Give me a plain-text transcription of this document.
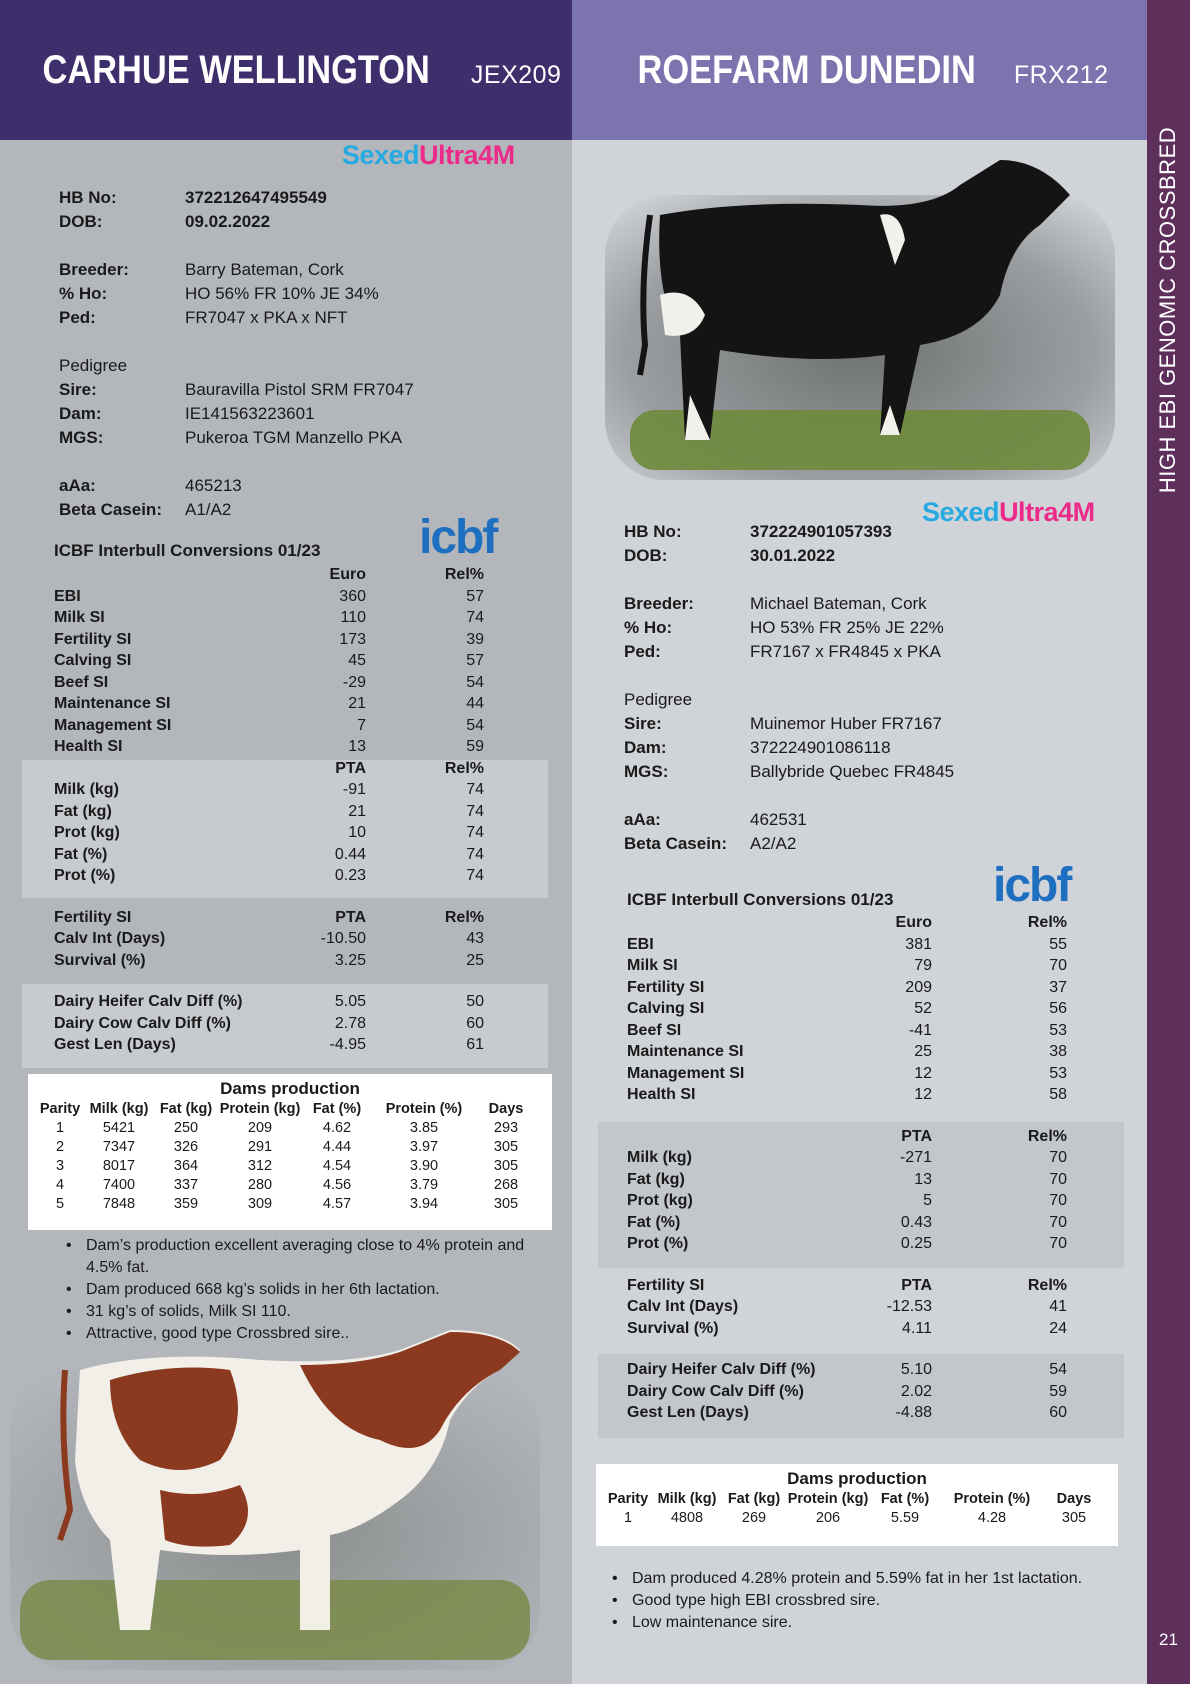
HIGH EBI GENOMIC CROSSBRED
21
CARHUE WELLINGTON JEX209 ROEFARM DUNEDIN FRX212
SexedUltra4M
HB No:	372212647495549
DOB:	09.02.2022
Breeder:	Barry Bateman, Cork
% Ho:	HO 56% FR 10% JE 34%
Ped:	FR7047 x PKA x NFT
Pedigree
Sire:	Bauravilla Pistol SRM FR7047
Dam:	IE141563223601
MGS:	Pukeroa TGM Manzello PKA
aAa:	465213
Beta Casein:	A1/A2
icbf
ICBF Interbull Conversions 01/23
Euro	Rel%
EBI	360	57
Milk SI	110	74
Fertility SI	173	39
Calving SI	45	57
Beef SI	-29	54
Maintenance SI	21	44
Management SI	7	54
Health SI	13	59
PTA	Rel%
Milk (kg)	-91	74
Fat (kg)	21	74
Prot (kg)	10	74
Fat (%)	0.44	74
Prot (%)	0.23	74
Fertility SI	PTA	Rel%
Calv Int (Days)	-10.50	43
Survival (%)	3.25	25
Dairy Heifer Calv Diff (%)	5.05	50
Dairy Cow Calv Diff (%)	2.78	60
Gest Len (Days)	-4.95	61
Dams production
Parity	Milk (kg)	Fat (kg)	Protein (kg)	Fat (%)	Protein (%)	Days
1	5421	250	209	4.62	3.85	293
2	7347	326	291	4.44	3.97	305
3	8017	364	312	4.54	3.90	305
4	7400	337	280	4.56	3.79	268
5	7848	359	309	4.57	3.94	305
• Dam’s production excellent averaging close to 4% protein and
4.5% fat.
• Dam produced 668 kg’s solids in her 6th lactation.
• 31 kg’s of solids, Milk SI 110.
• Attractive, good type Crossbred sire..
SexedUltra4M
HB No:	372224901057393
DOB:	30.01.2022
Breeder:	Michael Bateman, Cork
% Ho:	HO 53% FR 25% JE 22%
Ped:	FR7167 x FR4845 x PKA
Pedigree
Sire:	Muinemor Huber FR7167
Dam:	372224901086118
MGS:	Ballybride Quebec FR4845
aAa:	462531
Beta Casein:	A2/A2
icbf
ICBF Interbull Conversions 01/23
Euro	Rel%
EBI	381	55
Milk SI	79	70
Fertility SI	209	37
Calving SI	52	56
Beef SI	-41	53
Maintenance SI	25	38
Management SI	12	53
Health SI	12	58
PTA	Rel%
Milk (kg)	-271	70
Fat (kg)	13	70
Prot (kg)	5	70
Fat (%)	0.43	70
Prot (%)	0.25	70
Fertility SI	PTA	Rel%
Calv Int (Days)	-12.53	41
Survival (%)	4.11	24
Dairy Heifer Calv Diff (%)	5.10	54
Dairy Cow Calv Diff (%)	2.02	59
Gest Len (Days)	-4.88	60
Dams production
Parity	Milk (kg)	Fat (kg)	Protein (kg)	Fat (%)	Protein (%)	Days
1	4808	269	206	5.59	4.28	305
• Dam produced 4.28% protein and 5.59% fat in her 1st lactation.
• Good type high EBI crossbred sire.
• Low maintenance sire.
